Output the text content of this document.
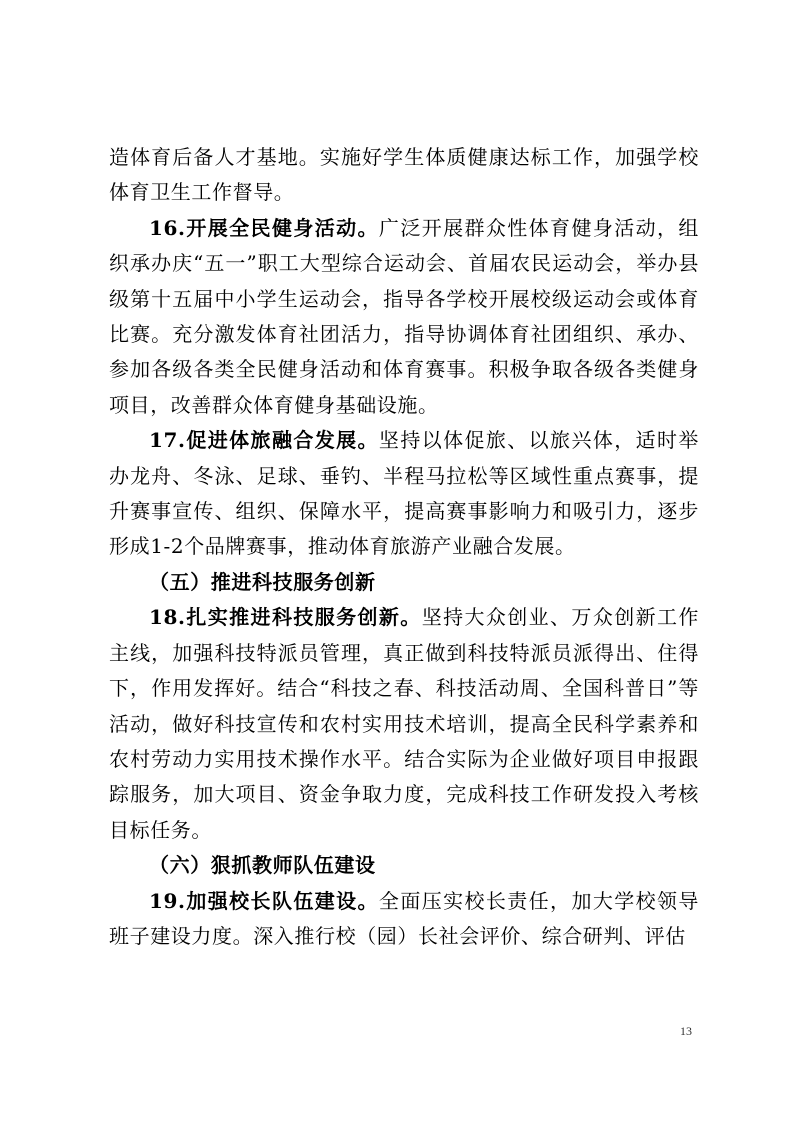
造体育后备人才基地。实施好学生体质健康达标工作，加强学校体育卫生工作督导。

16.开展全民健身活动。广泛开展群众性体育健身活动，组织承办庆“五一”职工大型综合运动会、首届农民运动会，举办县级第十五届中小学生运动会，指导各学校开展校级运动会或体育比赛。充分激发体育社团活力，指导协调体育社团组织、承办、参加各级各类全民健身活动和体育赛事。积极争取各级各类健身项目，改善群众体育健身基础设施。

17.促进体旅融合发展。坚持以体促旅、以旅兴体，适时举办龙舟、冬泳、足球、垂钓、半程马拉松等区域性重点赛事，提升赛事宣传、组织、保障水平，提高赛事影响力和吸引力，逐步形成1-2个品牌赛事，推动体育旅游产业融合发展。

（五）推进科技服务创新

18.扎实推进科技服务创新。坚持大众创业、万众创新工作主线，加强科技特派员管理，真正做到科技特派员派得出、住得下，作用发挥好。结合“科技之春、科技活动周、全国科普日”等活动，做好科技宣传和农村实用技术培训，提高全民科学素养和农村劳动力实用技术操作水平。结合实际为企业做好项目申报跟踪服务，加大项目、资金争取力度，完成科技工作研发投入考核目标任务。

（六）狠抓教师队伍建设

19.加强校长队伍建设。全面压实校长责任，加大学校领导班子建设力度。深入推行校（园）长社会评价、综合研判、评估

13
